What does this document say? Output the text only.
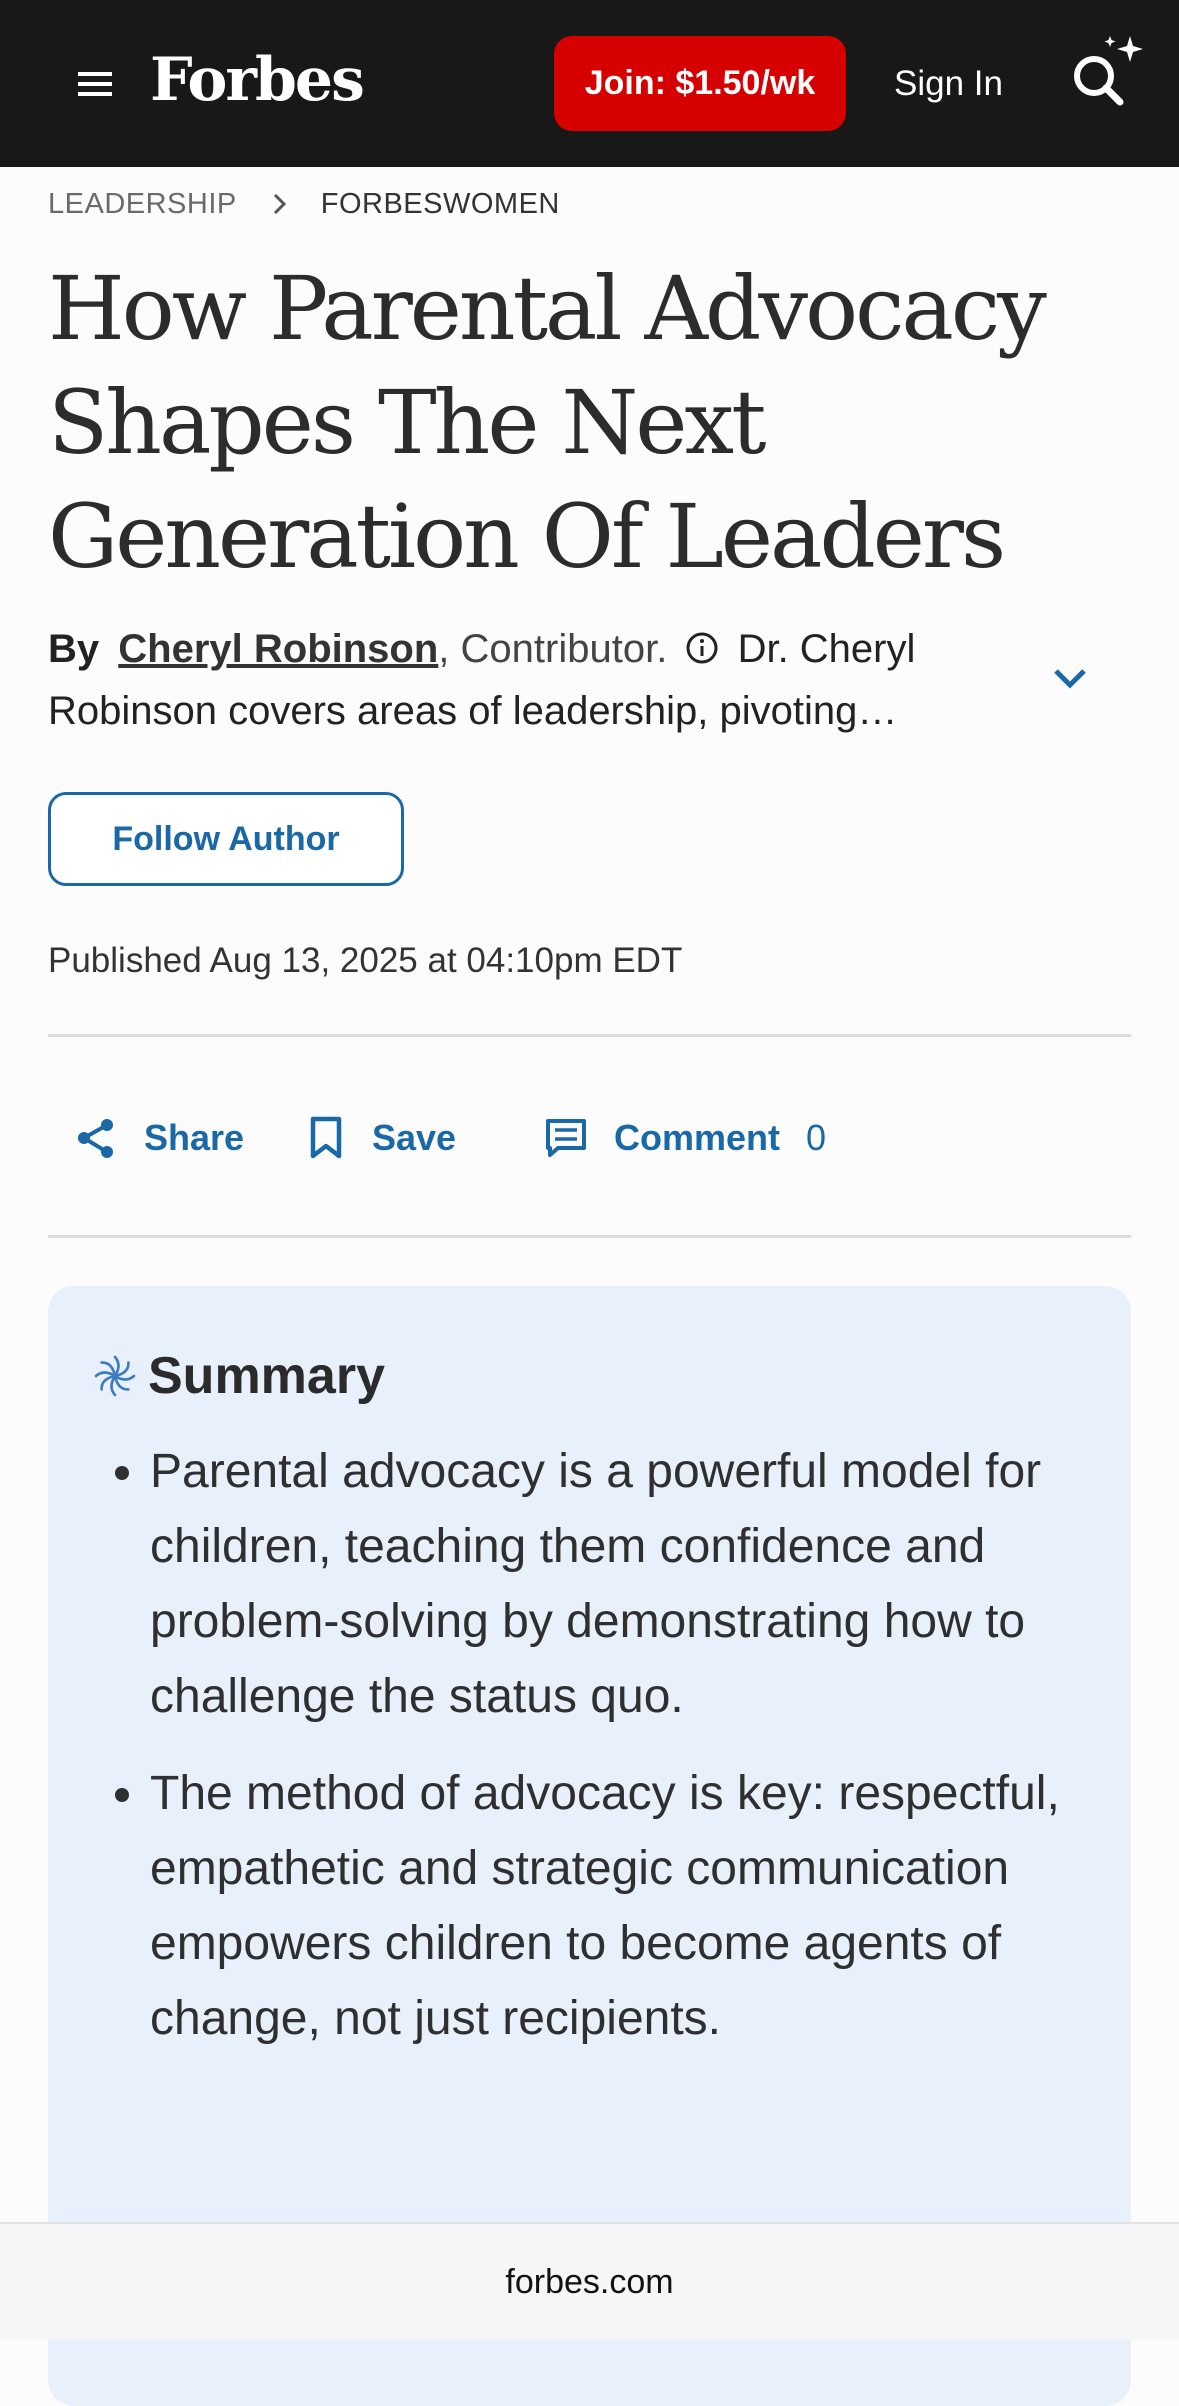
Forbes	Join: $1.50/wk	Sign In
LEADERSHIP	FORBESWOMEN
How Parental Advocacy Shapes The Next Generation Of Leaders
By Cheryl Robinson, Contributor. Dr. Cheryl Robinson covers areas of leadership, pivoting…
Follow Author
Published Aug 13, 2025 at 04:10pm EDT
Share	Save	Comment 0
Summary
• Parental advocacy is a powerful model for children, teaching them confidence and problem-solving by demonstrating how to challenge the status quo.
• The method of advocacy is key: respectful, empathetic and strategic communication empowers children to become agents of change, not just recipients.
forbes.com
